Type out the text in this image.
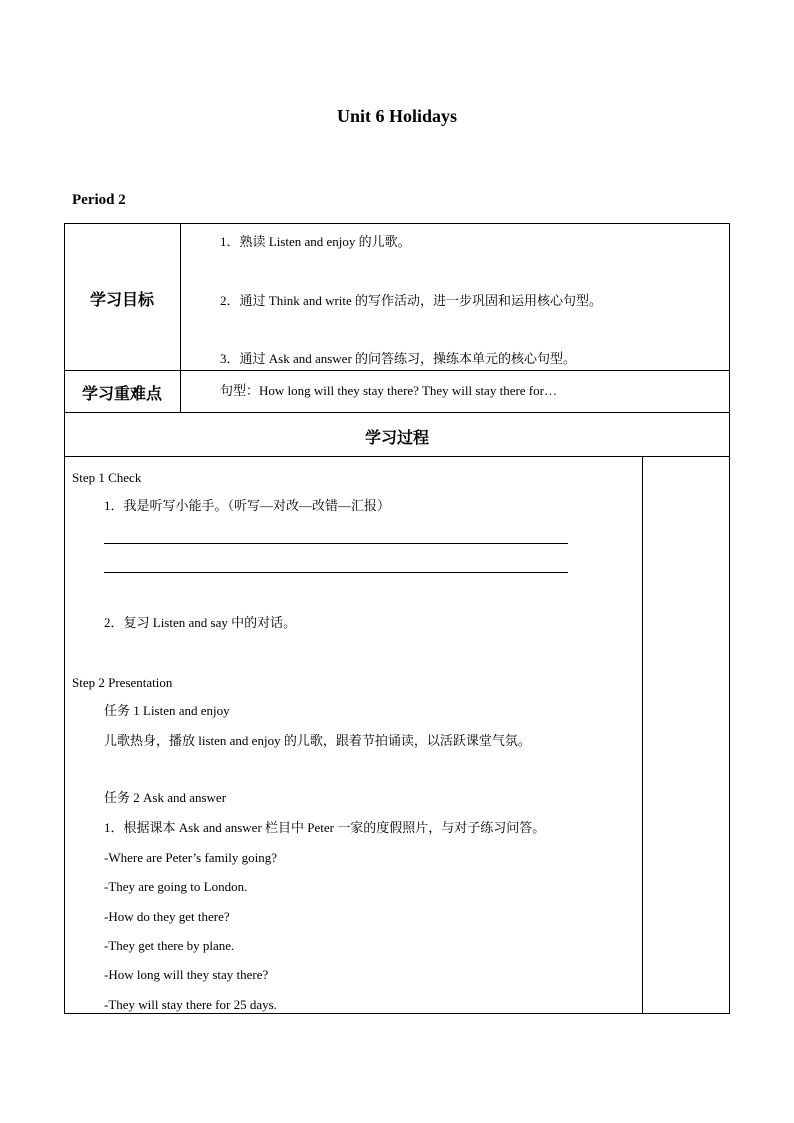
Unit 6 Holidays
Period 2
学习目标
1．熟读 Listen and enjoy 的儿歌。
2．通过 Think and write 的写作活动，进一步巩固和运用核心句型。
3．通过 Ask and answer 的问答练习，操练本单元的核心句型。
学习重难点	句型：How long will they stay there? They will stay there for…
学习过程
Step 1 Check
1．我是听写小能手。（听写—对改—改错—汇报）
2．复习 Listen and say 中的对话。
Step 2 Presentation
任务 1 Listen and enjoy
儿歌热身，播放 listen and enjoy 的儿歌，跟着节拍诵读，以活跃课堂气氛。
任务 2 Ask and answer
1．根据课本 Ask and answer 栏目中 Peter 一家的度假照片，与对子练习问答。
-Where are Peter’s family going?
-They are going to London.
-How do they get there?
-They get there by plane.
-How long will they stay there?
-They will stay there for 25 days.
